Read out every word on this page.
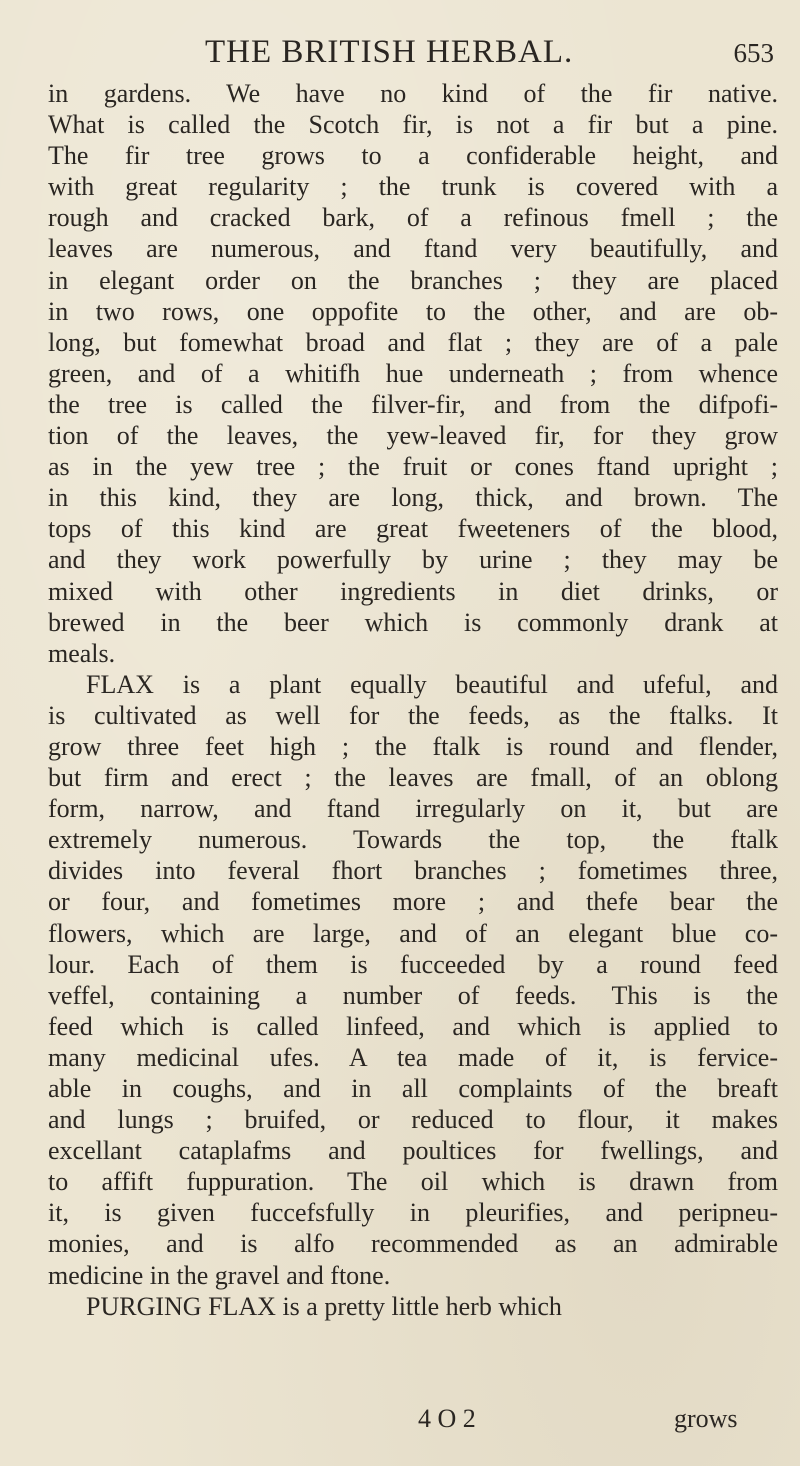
THE BRITISH HERBAL.	653
in gardens. We have no kind of the fir native.
What is called the Scotch fir, is not a fir but a pine.
The fir tree grows to a confiderable height, and
with great regularity ; the trunk is covered with a
rough and cracked bark, of a refinous fmell ; the
leaves are numerous, and ftand very beautifully, and
in elegant order on the branches ; they are placed
in two rows, one oppofite to the other, and are ob-
long, but fomewhat broad and flat ; they are of a pale
green, and of a whitifh hue underneath ; from whence
the tree is called the filver-fir, and from the difpofi-
tion of the leaves, the yew-leaved fir, for they grow
as in the yew tree ; the fruit or cones ftand upright ;
in this kind, they are long, thick, and brown. The
tops of this kind are great fweeteners of the blood,
and they work powerfully by urine ; they may be
mixed with other ingredients in diet drinks, or
brewed in the beer which is commonly drank at
meals.
FLAX is a plant equally beautiful and ufeful, and
is cultivated as well for the feeds, as the ftalks. It
grow three feet high ; the ftalk is round and flender,
but firm and erect ; the leaves are fmall, of an oblong
form, narrow, and ftand irregularly on it, but are
extremely numerous. Towards the top, the ftalk
divides into feveral fhort branches ; fometimes three,
or four, and fometimes more ; and thefe bear the
flowers, which are large, and of an elegant blue co-
lour. Each of them is fucceeded by a round feed
veffel, containing a number of feeds. This is the
feed which is called linfeed, and which is applied to
many medicinal ufes. A tea made of it, is fervice-
able in coughs, and in all complaints of the breaft
and lungs ; bruifed, or reduced to flour, it makes
excellant cataplafms and poultices for fwellings, and
to affift fuppuration. The oil which is drawn from
it, is given fuccefsfully in pleurifies, and peripneu-
monies, and is alfo recommended as an admirable
medicine in the gravel and ftone.
PURGING FLAX is a pretty little herb which
4 O 2	grows
